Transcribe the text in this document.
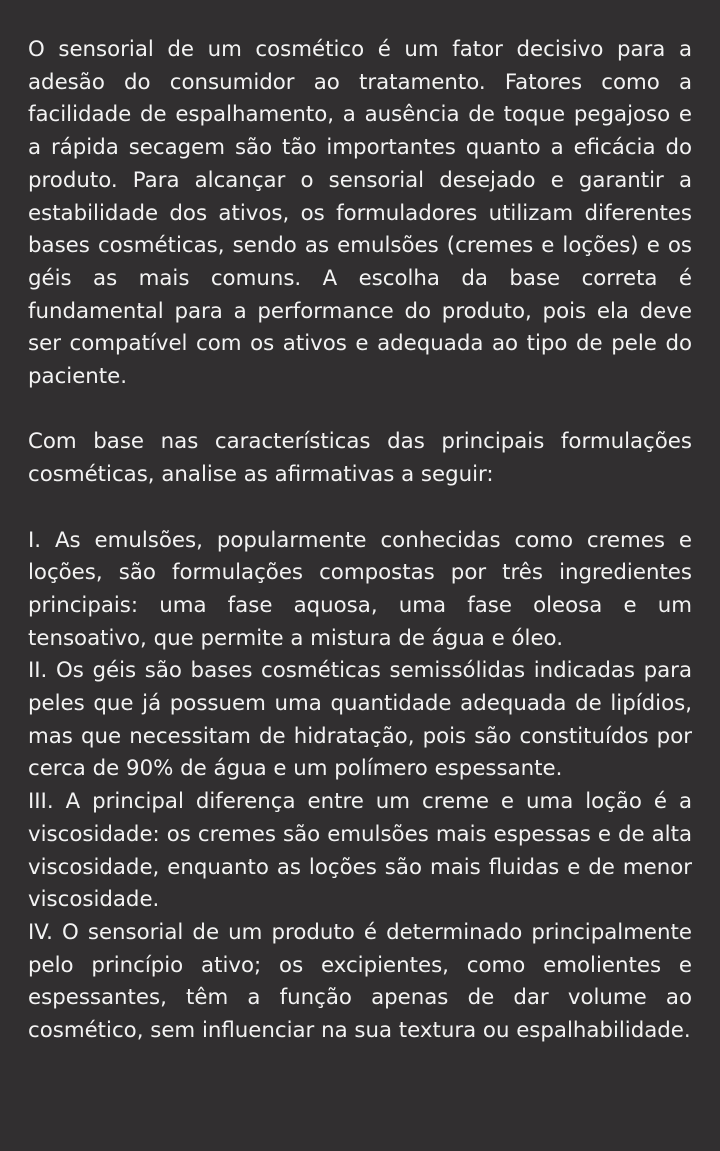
O sensorial de um cosmético é um fator decisivo para a adesão do consumidor ao tratamento. Fatores como a facilidade de espalhamento, a ausência de toque pegajoso e a rápida secagem são tão importantes quanto a eficácia do produto. Para alcançar o sensorial desejado e garantir a estabilidade dos ativos, os formuladores utilizam diferentes bases cosméticas, sendo as emulsões (cremes e loções) e os géis as mais comuns. A escolha da base correta é fundamental para a performance do produto, pois ela deve ser compatível com os ativos e adequada ao tipo de pele do paciente.

Com base nas características das principais formulações cosméticas, analise as afirmativas a seguir:

I. As emulsões, popularmente conhecidas como cremes e loções, são formulações compostas por três ingredientes principais: uma fase aquosa, uma fase oleosa e um tensoativo, que permite a mistura de água e óleo.

II. Os géis são bases cosméticas semissólidas indicadas para peles que já possuem uma quantidade adequada de lipídios, mas que necessitam de hidratação, pois são constituídos por cerca de 90% de água e um polímero espessante.

III. A principal diferença entre um creme e uma loção é a viscosidade: os cremes são emulsões mais espessas e de alta viscosidade, enquanto as loções são mais fluidas e de menor viscosidade.

IV. O sensorial de um produto é determinado principalmente pelo princípio ativo; os excipientes, como emolientes e espessantes, têm a função apenas de dar volume ao cosmético, sem influenciar na sua textura ou espalhabilidade.
